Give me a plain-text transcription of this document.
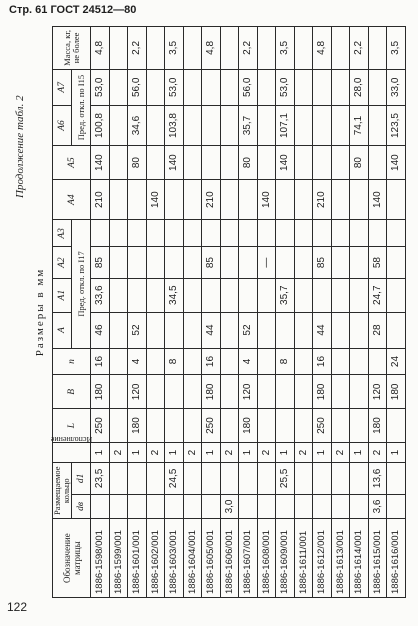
Стр. 61 ГОСТ 24512—80

122

Продолжение табл. 2

Размеры в мм

Обозначение матрицы	Размещаемое кольцо		Исполнение	L	B	n	A	A1	A2	A3	A4	A5	A6	A7	Масса, кг, не более
	dв	d1					Пред. откл. по I17						Пред. откл. по I15		
1886-1598/001		23,5	1	250	180	16	46	33,6	85		210	140	100,8	53,0	4,8
1886-1599/001			2												
1886-1601/001			1	180	120	4	52					80	34,6	56,0	2,2
1886-1602/001			2								140				
1886-1603/001		24,5	1			8		34,5				140	103,8	53,0	3,5
1886-1604/001			2												
1886-1605/001			1	250	180	16	44		85		210				4,8
1886-1606/001	3,0		2												
1886-1607/001			1	180	120	4	52					80	35,7	56,0	2,2
1886-1608/001			2						—		140				
1886-1609/001		25,5	1			8		35,7				140	107,1	53,0	3,5
1886-1611/001			2												
1886-1612/001			1	250	180	16	44		85		210				4,8
1886-1613/001			2												
1886-1614/001			1									80	74,1	28,0	2,2
1886-1615/001	3,6	13,6	2	180	120		28	24,7	58		140				
1886-1616/001			1		180	24						140	123,5	33,0	3,5
